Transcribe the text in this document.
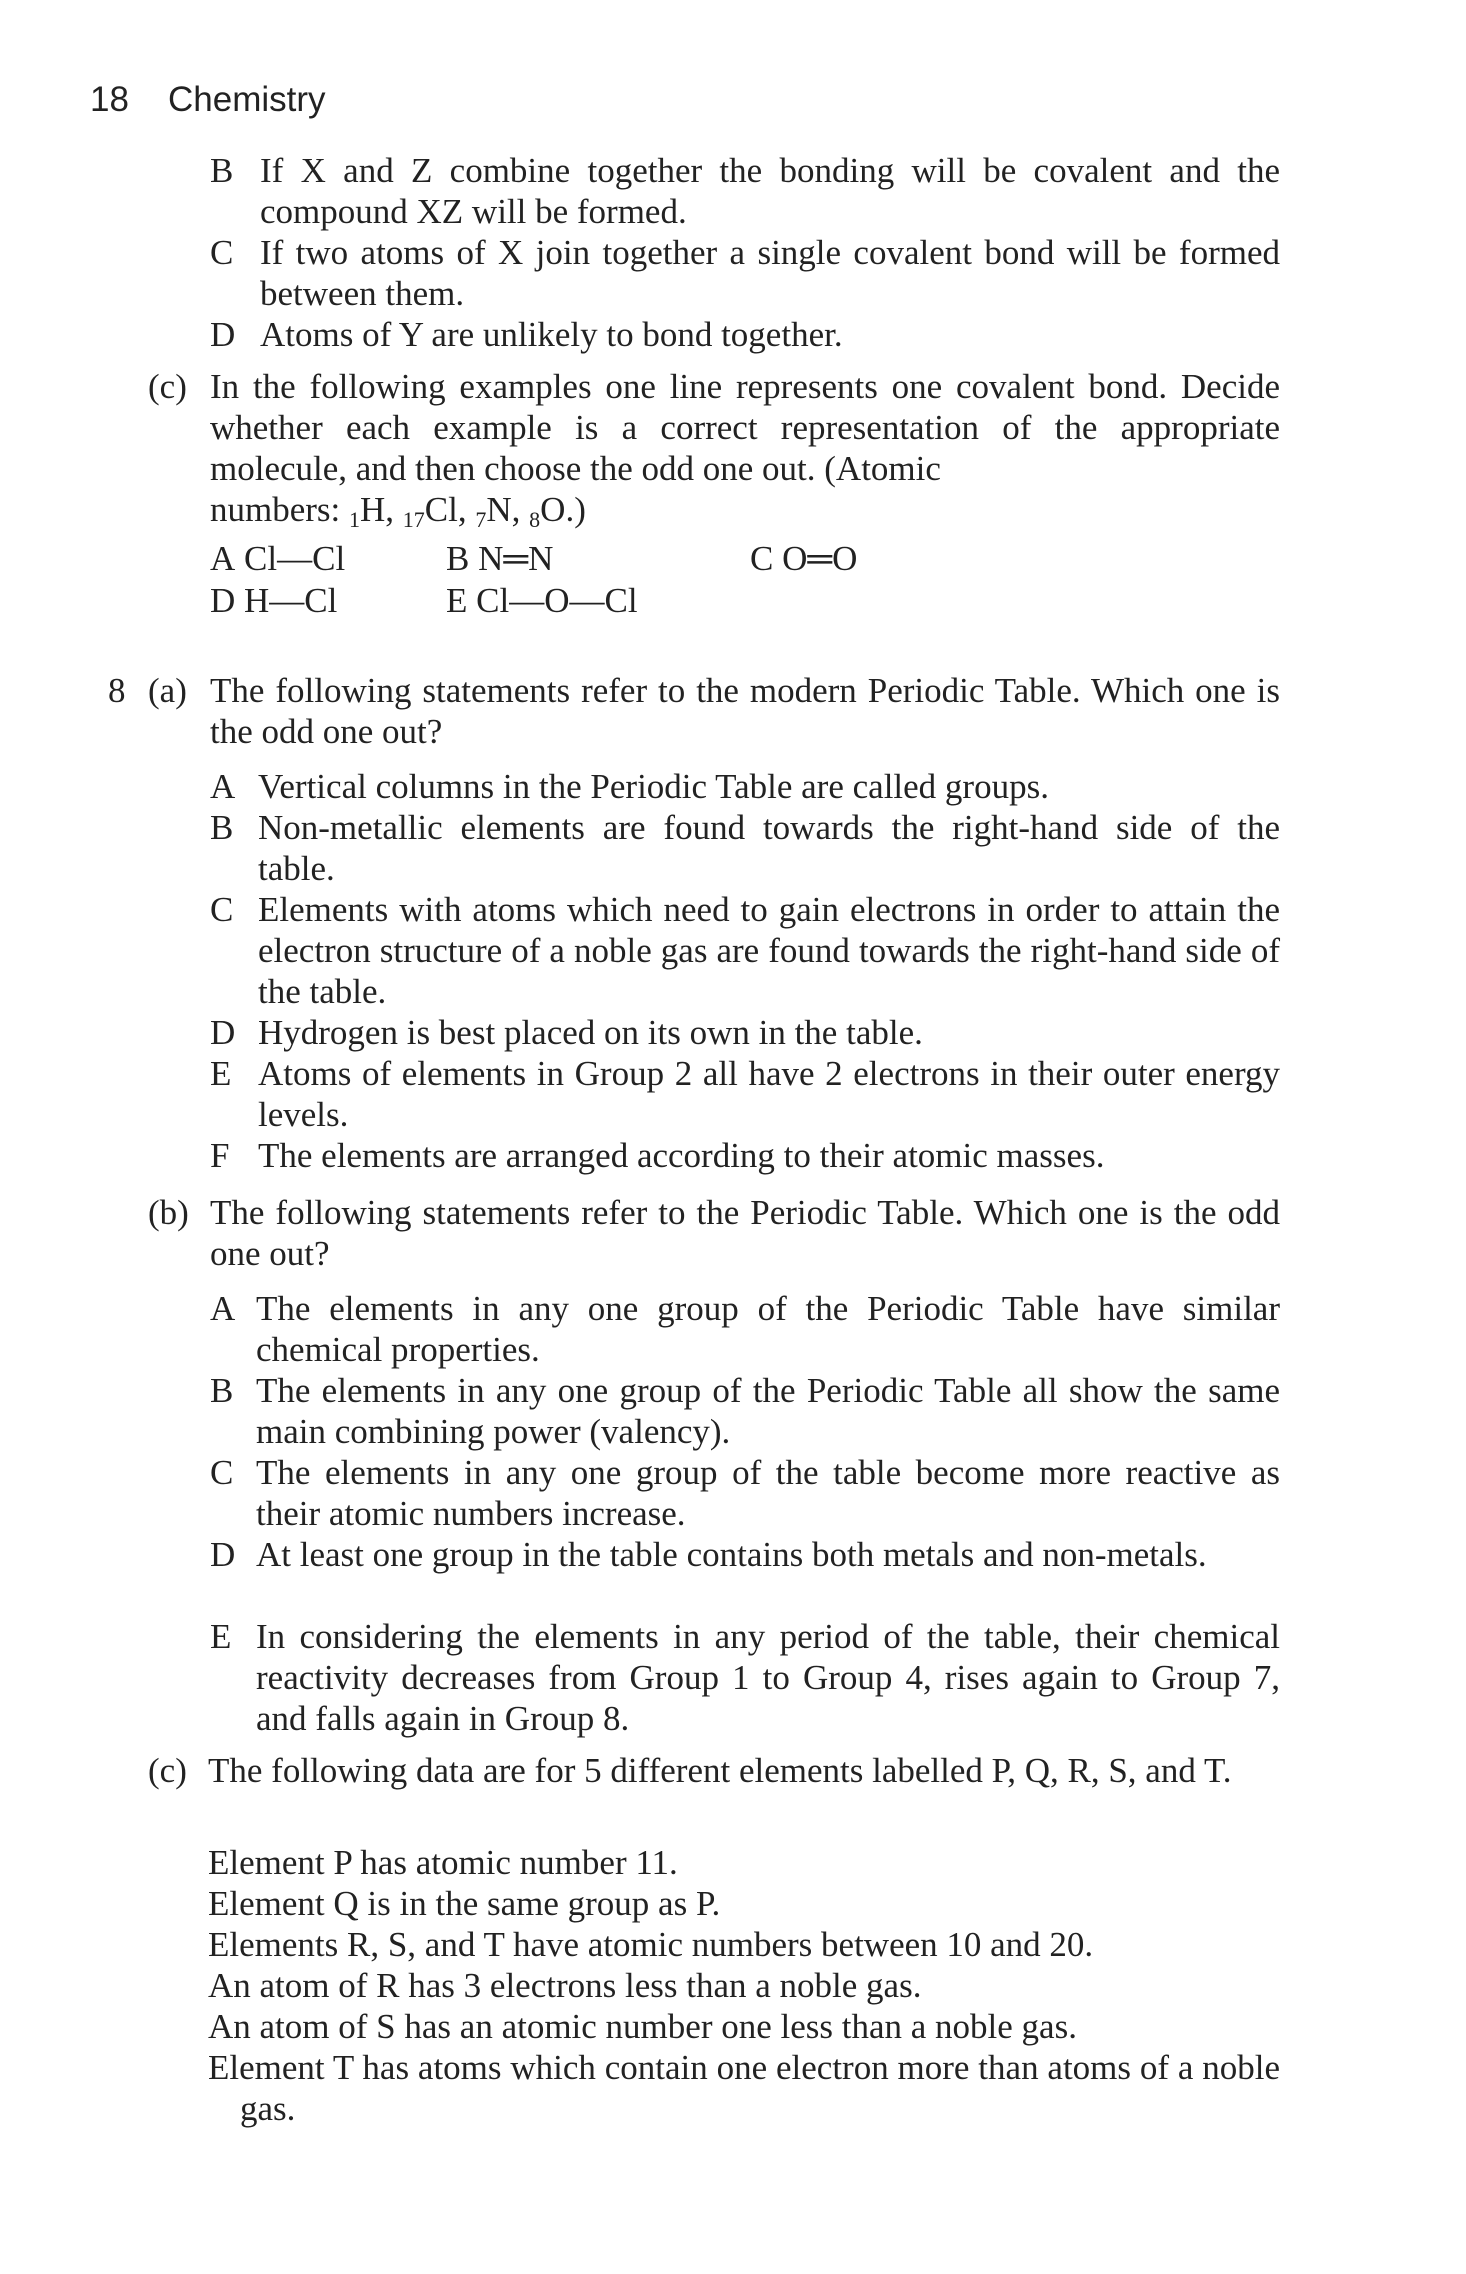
18 Chemistry
B If X and Z combine together the bonding will be covalent and the compound XZ will be formed.
C If two atoms of X join together a single covalent bond will be formed between them.
D Atoms of Y are unlikely to bond together.
(c) In the following examples one line represents one covalent bond. Decide whether each example is a correct representation of the appropriate molecule, and then choose the odd one out. (Atomic
numbers: $_1$H, $_{17}$Cl, $_7$N, $_8$O.)
A Cl—Cl	B N═N	C O═O
D H—Cl	E Cl—O—Cl
8 (a) The following statements refer to the modern Periodic Table. Which one is the odd one out?
A Vertical columns in the Periodic Table are called groups.
B Non-metallic elements are found towards the right-hand side of the table.
C Elements with atoms which need to gain electrons in order to attain the electron structure of a noble gas are found towards the right-hand side of the table.
D Hydrogen is best placed on its own in the table.
E Atoms of elements in Group 2 all have 2 electrons in their outer energy levels.
F The elements are arranged according to their atomic masses.
(b) The following statements refer to the Periodic Table. Which one is the odd one out?
A The elements in any one group of the Periodic Table have similar chemical properties.
B The elements in any one group of the Periodic Table all show the same main combining power (valency).
C The elements in any one group of the table become more reactive as their atomic numbers increase.
D At least one group in the table contains both metals and non-metals.
E In considering the elements in any period of the table, their chemical reactivity decreases from Group 1 to Group 4, rises again to Group 7, and falls again in Group 8.
(c) The following data are for 5 different elements labelled P, Q, R, S, and T.
Element P has atomic number 11.
Element Q is in the same group as P.
Elements R, S, and T have atomic numbers between 10 and 20.
An atom of R has 3 electrons less than a noble gas.
An atom of S has an atomic number one less than a noble gas.
Element T has atoms which contain one electron more than atoms of a noble gas.
